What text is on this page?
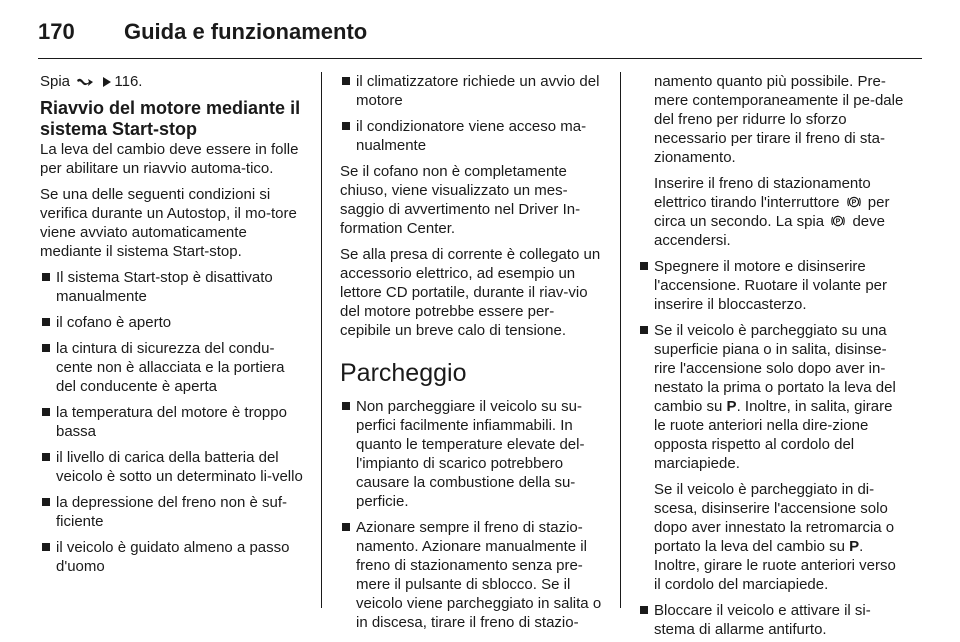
170	Guida e funzionamento
Spia	116.
Riavvio del motore mediante il sistema Start-stop
La leva del cambio deve essere in folle per abilitare un riavvio automa-tico.
Se una delle seguenti condizioni si verifica durante un Autostop, il mo-tore viene avviato automaticamente mediante il sistema Start-stop.
Il sistema Start-stop è disattivato manualmente
il cofano è aperto
la cintura di sicurezza del condu-cente non è allacciata e la portiera del conducente è aperta
la temperatura del motore è troppo bassa
il livello di carica della batteria del veicolo è sotto un determinato li-vello
la depressione del freno non è suf-ficiente
il veicolo è guidato almeno a passo d'uomo
il climatizzatore richiede un avvio del motore
il condizionatore viene acceso ma-nualmente
Se il cofano non è completamente chiuso, viene visualizzato un mes-saggio di avvertimento nel Driver In-formation Center.
Se alla presa di corrente è collegato un accessorio elettrico, ad esempio un lettore CD portatile, durante il riav-vio del motore potrebbe essere per-cepibile un breve calo di tensione.
Parcheggio
Non parcheggiare il veicolo su su-perfici facilmente infiammabili. In quanto le temperature elevate del-l'impianto di scarico potrebbero causare la combustione della su-perficie.
Azionare sempre il freno di stazio-namento. Azionare manualmente il freno di stazionamento senza pre-mere il pulsante di sblocco. Se il veicolo viene parcheggiato in salita o in discesa, tirare il freno di stazio-
namento quanto più possibile. Pre-mere contemporaneamente il pe-dale del freno per ridurre lo sforzo necessario per tirare il freno di sta-zionamento.
Inserire il freno di stazionamento elettrico tirando l'interruttore P per circa un secondo. La spia P deve accendersi.
Spegnere il motore e disinserire l'accensione. Ruotare il volante per inserire il bloccasterzo.
Se il veicolo è parcheggiato su una superficie piana o in salita, disinse-rire l'accensione solo dopo aver in-nestato la prima o portato la leva del cambio su P. Inoltre, in salita, girare le ruote anteriori nella dire-zione opposta rispetto al cordolo del marciapiede.
Se il veicolo è parcheggiato in di-scesa, disinserire l'accensione solo dopo aver innestato la retromarcia o portato la leva del cambio su P. Inoltre, girare le ruote anteriori verso il cordolo del marciapiede.
Bloccare il veicolo e attivare il si-stema di allarme antifurto.
